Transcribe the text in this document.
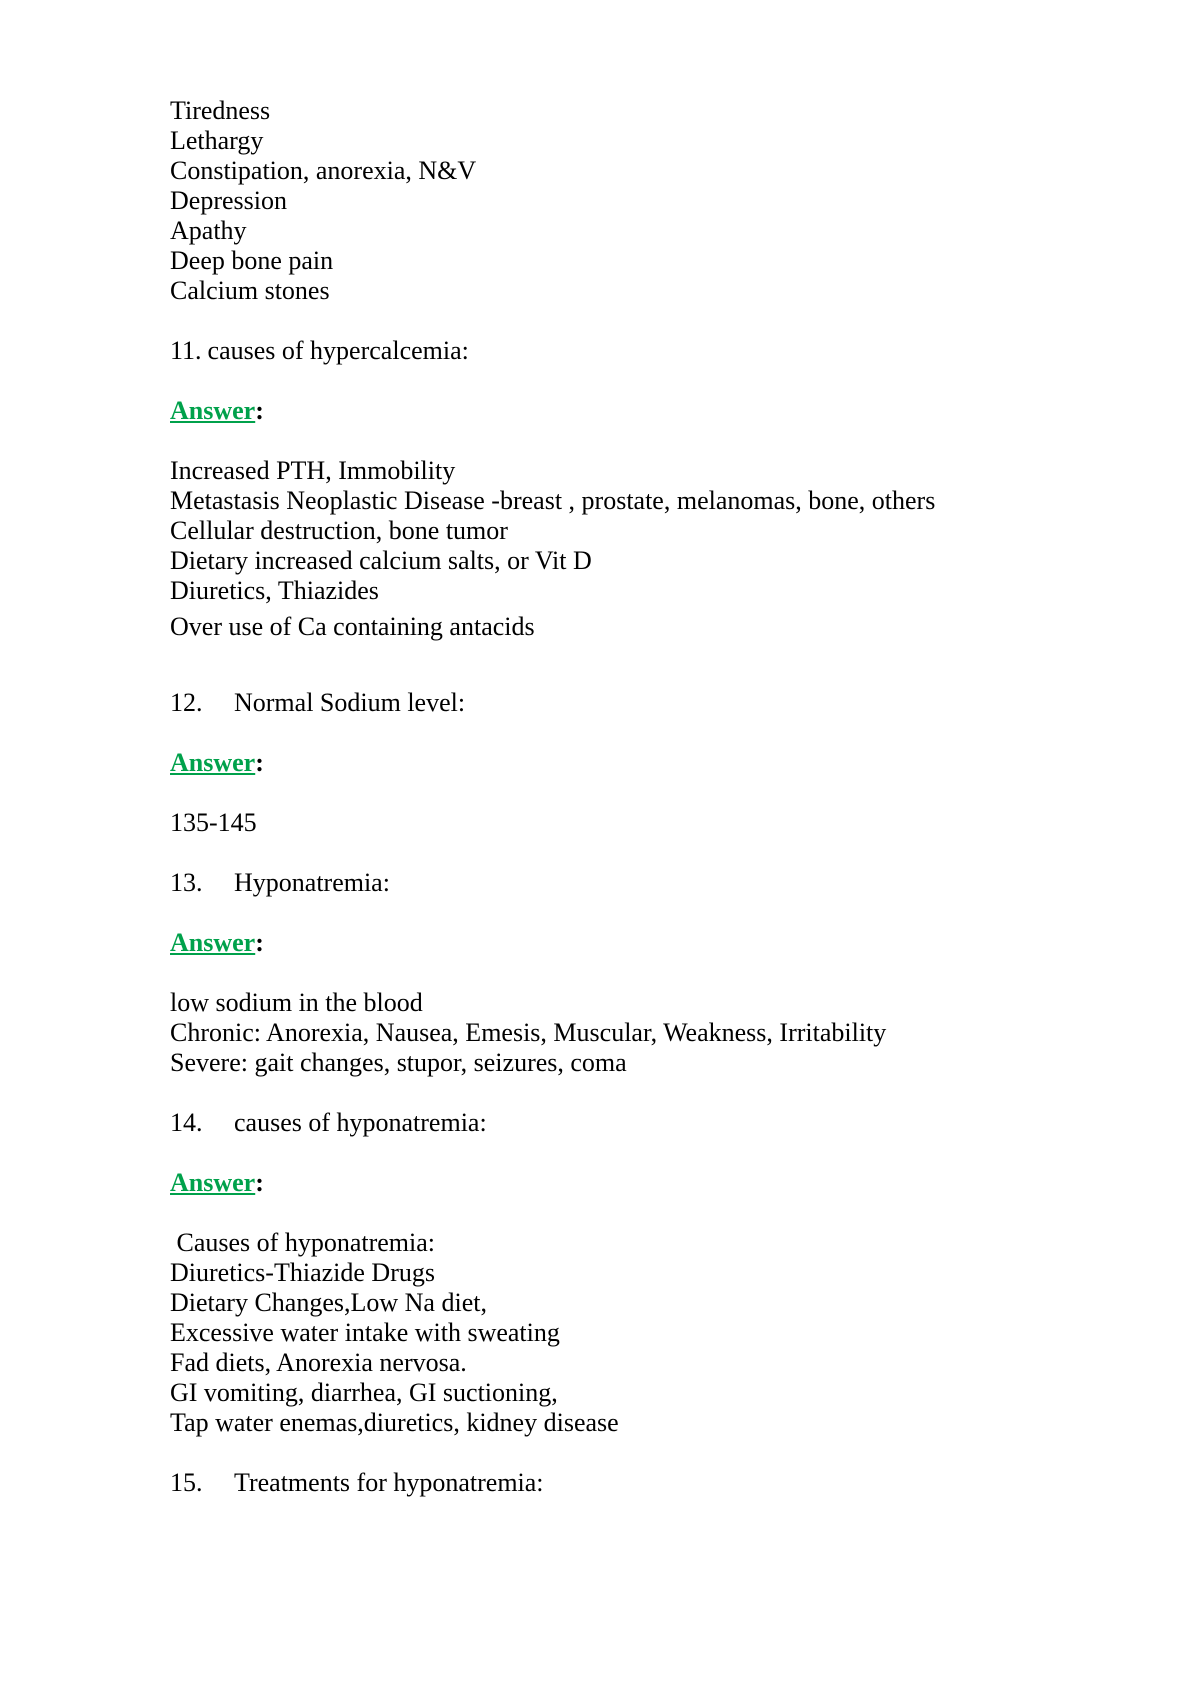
Tiredness
Lethargy
Constipation, anorexia, N&V
Depression
Apathy
Deep bone pain
Calcium stones
11. causes of hypercalcemia:
Answer:
Increased PTH, Immobility
Metastasis Neoplastic Disease -breast , prostate, melanomas, bone, others
Cellular destruction, bone tumor
Dietary increased calcium salts, or Vit D
Diuretics, Thiazides
Over use of Ca containing antacids
12. Normal Sodium level:
Answer:
135-145
13. Hyponatremia:
Answer:
low sodium in the blood
Chronic: Anorexia, Nausea, Emesis, Muscular, Weakness, Irritability
Severe: gait changes, stupor, seizures, coma
14. causes of hyponatremia:
Answer:
Causes of hyponatremia:
Diuretics-Thiazide Drugs
Dietary Changes,Low Na diet,
Excessive water intake with sweating
Fad diets, Anorexia nervosa.
GI vomiting, diarrhea, GI suctioning,
Tap water enemas,diuretics, kidney disease
15. Treatments for hyponatremia:
